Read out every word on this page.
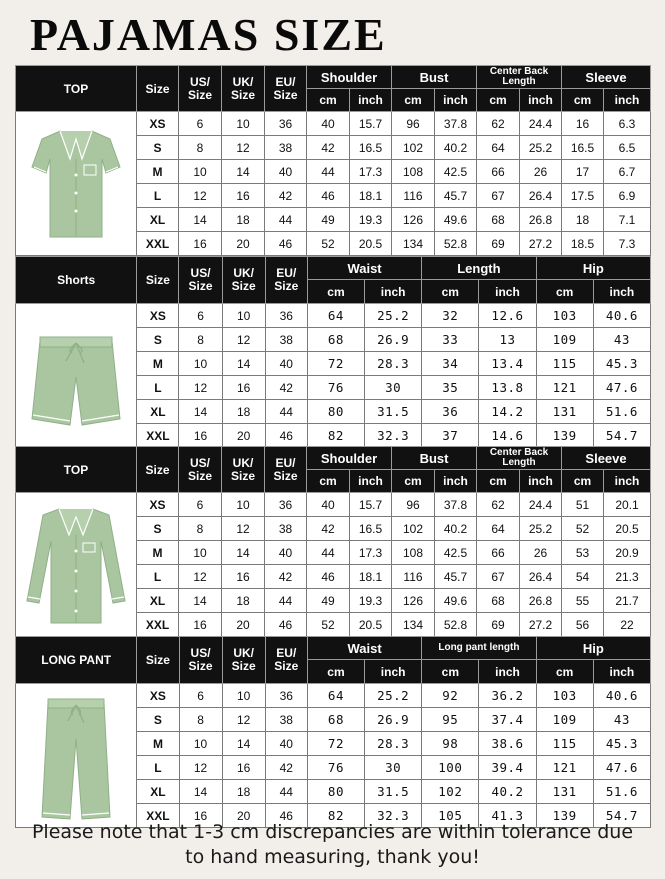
PAJAMAS SIZE
TOP	Size	US/ Size	UK/ Size	EU/ Size	Shoulder		Bust		Center Back Length		Sleeve	
					cm	inch	cm	inch	cm	inch	cm	inch

	XS	6	10	36	40	15.7	96	37.8	62	24.4	16	6.3
	S	8	12	38	42	16.5	102	40.2	64	25.2	16.5	6.5
	M	10	14	40	44	17.3	108	42.5	66	26	17	6.7
	L	12	16	42	46	18.1	116	45.7	67	26.4	17.5	6.9
	XL	14	18	44	49	19.3	126	49.6	68	26.8	18	7.1
	XXL	16	20	46	52	20.5	134	52.8	69	27.2	18.5	7.3
Shorts	Size	US/ Size	UK/ Size	EU/ Size	Waist		Length		Hip	
					cm	inch	cm	inch	cm	inch

	XS	6	10	36	64	25.2	32	12.6	103	40.6
	S	8	12	38	68	26.9	33	13	109	43
	M	10	14	40	72	28.3	34	13.4	115	45.3
	L	12	16	42	76	30	35	13.8	121	47.6
	XL	14	18	44	80	31.5	36	14.2	131	51.6
	XXL	16	20	46	82	32.3	37	14.6	139	54.7
TOP	Size	US/ Size	UK/ Size	EU/ Size	Shoulder		Bust		Center Back Length		Sleeve	
					cm	inch	cm	inch	cm	inch	cm	inch

	XS	6	10	36	40	15.7	96	37.8	62	24.4	51	20.1
	S	8	12	38	42	16.5	102	40.2	64	25.2	52	20.5
	M	10	14	40	44	17.3	108	42.5	66	26	53	20.9
	L	12	16	42	46	18.1	116	45.7	67	26.4	54	21.3
	XL	14	18	44	49	19.3	126	49.6	68	26.8	55	21.7
	XXL	16	20	46	52	20.5	134	52.8	69	27.2	56	22
LONG PANT	Size	US/ Size	UK/ Size	EU/ Size	Waist		Long pant length		Hip	
					cm	inch	cm	inch	cm	inch

	XS	6	10	36	64	25.2	92	36.2	103	40.6
	S	8	12	38	68	26.9	95	37.4	109	43
	M	10	14	40	72	28.3	98	38.6	115	45.3
	L	12	16	42	76	30	100	39.4	121	47.6
	XL	14	18	44	80	31.5	102	40.2	131	51.6
	XXL	16	20	46	82	32.3	105	41.3	139	54.7
Please note that 1-3 cm discrepancies are within tolerance due
to hand measuring, thank you!
